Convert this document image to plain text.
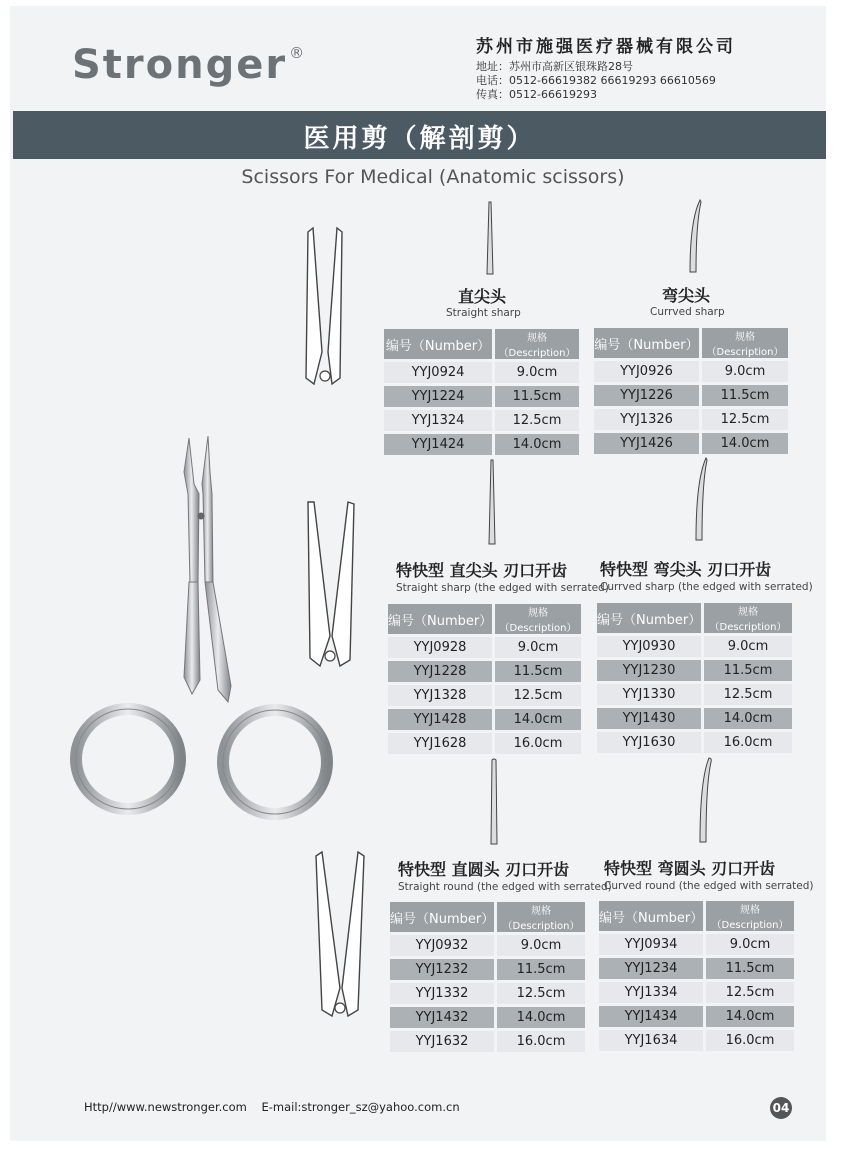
Stronger ®	苏州市施强医疗器械有限公司
地址：苏州市高新区银珠路28号
电话：0512-66619382 66619293 66610569
传真：0512-66619293
医用剪（解剖剪）
Scissors For Medical (Anatomic scissors)
直尖头
Straight sharp
编号（Number）	规格（Description）
YYJ0924	9.0cm
YYJ1224	11.5cm
YYJ1324	12.5cm
YYJ1424	14.0cm
弯尖头
Currved sharp
编号（Number）	规格（Description）
YYJ0926	9.0cm
YYJ1226	11.5cm
YYJ1326	12.5cm
YYJ1426	14.0cm
特快型 直尖头 刃口开齿
Straight sharp (the edged with serrated)
编号（Number）	规格（Description）
YYJ0928	9.0cm
YYJ1228	11.5cm
YYJ1328	12.5cm
YYJ1428	14.0cm
YYJ1628	16.0cm
特快型 弯尖头 刃口开齿
Currved sharp (the edged with serrated)
编号（Number）	规格（Description）
YYJ0930	9.0cm
YYJ1230	11.5cm
YYJ1330	12.5cm
YYJ1430	14.0cm
YYJ1630	16.0cm
特快型 直圆头 刃口开齿
Straight round (the edged with serrated)
编号（Number）	规格（Description）
YYJ0932	9.0cm
YYJ1232	11.5cm
YYJ1332	12.5cm
YYJ1432	14.0cm
YYJ1632	16.0cm
特快型 弯圆头 刃口开齿
Curved round (the edged with serrated)
编号（Number）	规格（Description）
YYJ0934	9.0cm
YYJ1234	11.5cm
YYJ1334	12.5cm
YYJ1434	14.0cm
YYJ1634	16.0cm
Http//www.newstronger.com E-mail:stronger_sz@yahoo.com.cn	04
